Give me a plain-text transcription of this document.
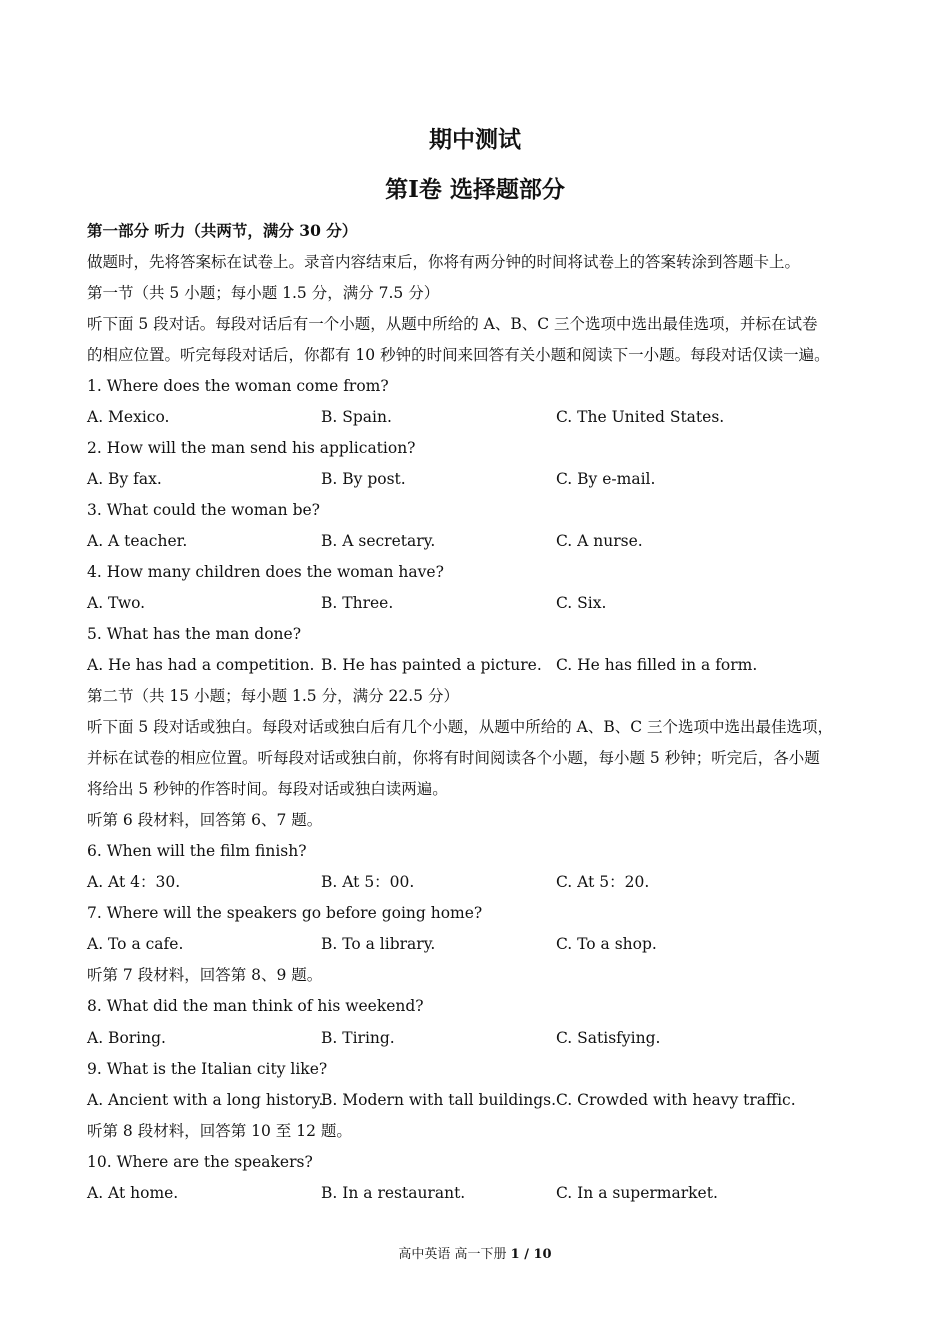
期中测试
第Ⅰ卷 选择题部分
第一部分 听力（共两节，满分 30 分）
做题时，先将答案标在试卷上。录音内容结束后，你将有两分钟的时间将试卷上的答案转涂到答题卡上。
第一节（共 5 小题；每小题 1.5 分，满分 7.5 分）
听下面 5 段对话。每段对话后有一个小题，从题中所给的 A、B、C 三个选项中选出最佳选项，并标在试卷
的相应位置。听完每段对话后，你都有 10 秒钟的时间来回答有关小题和阅读下一小题。每段对话仅读一遍。
1. Where does the woman come from?
A. Mexico.	B. Spain.	C. The United States.
2. How will the man send his application?
A. By fax.	B. By post.	C. By e-mail.
3. What could the woman be?
A. A teacher.	B. A secretary.	C. A nurse.
4. How many children does the woman have?
A. Two.	B. Three.	C. Six.
5. What has the man done?
A. He has had a competition. B. He has painted a picture. C. He has filled in a form.
第二节（共 15 小题；每小题 1.5 分，满分 22.5 分）
听下面 5 段对话或独白。每段对话或独白后有几个小题，从题中所给的 A、B、C 三个选项中选出最佳选项，
并标在试卷的相应位置。听每段对话或独白前，你将有时间阅读各个小题，每小题 5 秒钟；听完后，各小题
将给出 5 秒钟的作答时间。每段对话或独白读两遍。
听第 6 段材料，回答第 6、7 题。
6. When will the film finish?
A. At 4：30.	B. At 5：00.	C. At 5：20.
7. Where will the speakers go before going home?
A. To a cafe.	B. To a library.	C. To a shop.
听第 7 段材料，回答第 8、9 题。
8. What did the man think of his weekend?
A. Boring.	B. Tiring.	C. Satisfying.
9. What is the Italian city like?
A. Ancient with a long history.
B. Modern with tall buildings. C. Crowded with heavy traffic.
听第 8 段材料，回答第 10 至 12 题。
10. Where are the speakers?
A. At home.	B. In a restaurant.	C. In a supermarket.
高中英语 高一下册 1 / 10
